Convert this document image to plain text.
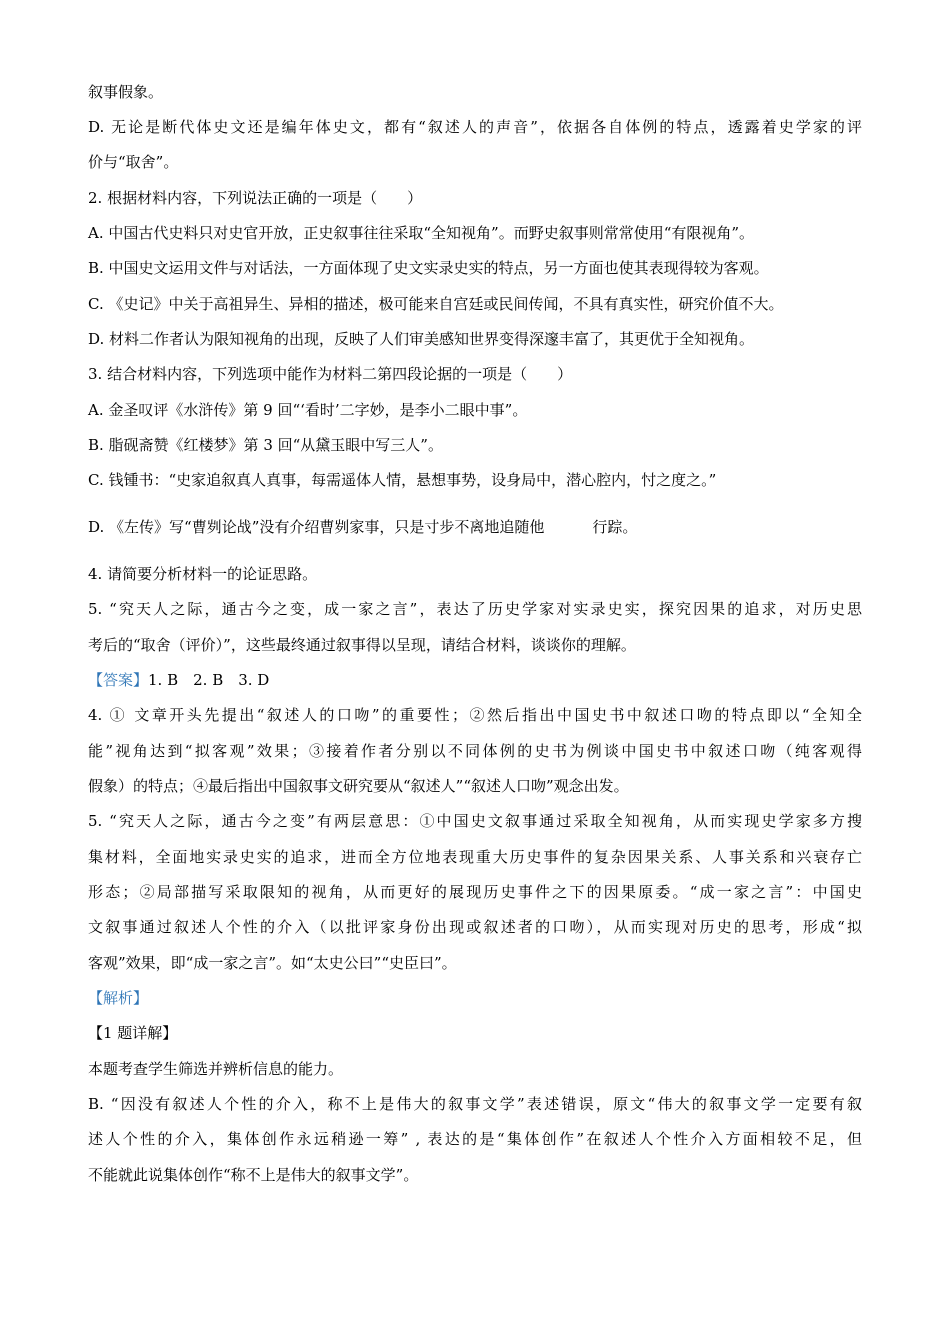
叙事假象。
D. 无论是断代体史文还是编年体史文，都有“叙述人的声音”，依据各自体例的特点，透露着史学家的评
价与“取舍”。
2. 根据材料内容，下列说法正确的一项是（　　）
A. 中国古代史料只对史官开放，正史叙事往往采取“全知视角”。而野史叙事则常常使用“有限视角”。
B. 中国史文运用文件与对话法，一方面体现了史文实录史实的特点，另一方面也使其表现得较为客观。
C. 《史记》中关于高祖异生、异相的描述，极可能来自宫廷或民间传闻，不具有真实性，研究价值不大。
D. 材料二作者认为限知视角的出现，反映了人们审美感知世界变得深邃丰富了，其更优于全知视角。
3. 结合材料内容，下列选项中能作为材料二第四段论据的一项是（　　）
A. 金圣叹评《水浒传》第 9 回“‘看时’二字妙，是李小二眼中事”。
B. 脂砚斋赞《红楼梦》第 3 回“从黛玉眼中写三人”。
C. 钱锺书：“史家追叙真人真事，每需遥体人情，悬想事势，设身局中，潜心腔内，忖之度之。”
D. 《左传》写“曹刿论战”没有介绍曹刿家事，只是寸步不离地追随他	行踪。
4. 请简要分析材料一的论证思路。
5. “究天人之际，通古今之变，成一家之言”，表达了历史学家对实录史实，探究因果的追求，对历史思
考后的“取舍（评价）”，这些最终通过叙事得以呈现，请结合材料，谈谈你的理解。
【答案】1. B　2. B　3. D
4. ① 文章开头先提出“叙述人的口吻”的重要性；②然后指出中国史书中叙述口吻的特点即以“全知全
能”视角达到“拟客观”效果；③接着作者分别以不同体例的史书为例谈中国史书中叙述口吻（纯客观得
假象）的特点；④最后指出中国叙事文研究要从“叙述人”“叙述人口吻”观念出发。
5. “究天人之际，通古今之变”有两层意思：①中国史文叙事通过采取全知视角，从而实现史学家多方搜
集材料，全面地实录史实的追求，进而全方位地表现重大历史事件的复杂因果关系、人事关系和兴衰存亡
形态；②局部描写采取限知的视角，从而更好的展现历史事件之下的因果原委。“成一家之言”：中国史
文叙事通过叙述人个性的介入（以批评家身份出现或叙述者的口吻），从而实现对历史的思考，形成“拟
客观”效果，即“成一家之言”。如“太史公曰”“史臣曰”。
【解析】
【1 题详解】
本题考查学生筛选并辨析信息的能力。
B. “因没有叙述人个性的介入，称不上是伟大的叙事文学”表述错误，原文“伟大的叙事文学一定要有叙
述人个性的介入，集体创作永远稍逊一筹” , 表达的是“集体创作”在叙述人个性介入方面相较不足，但
不能就此说集体创作“称不上是伟大的叙事文学”。
